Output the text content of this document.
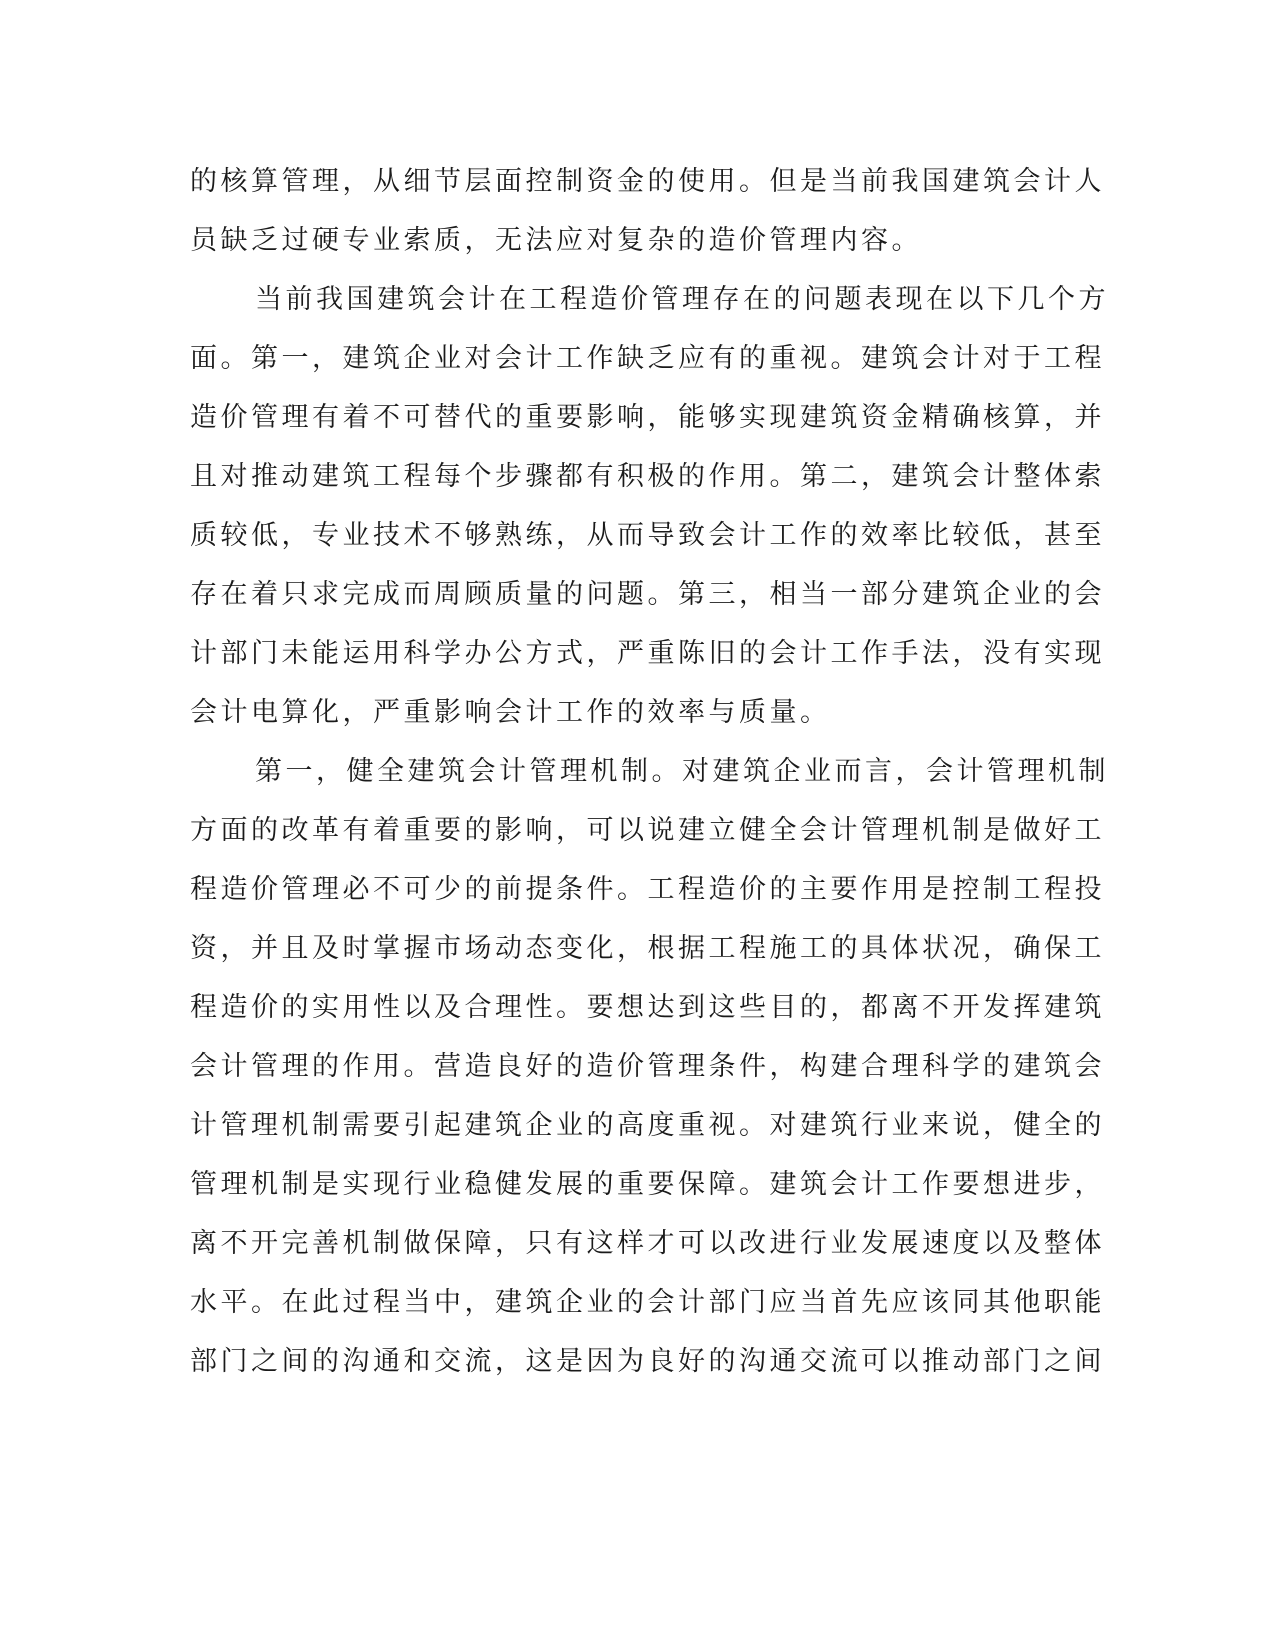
的核算管理，从细节层面控制资金的使用。但是当前我国建筑会计人
员缺乏过硬专业索质，无法应对复杂的造价管理内容。
当前我国建筑会计在工程造价管理存在的问题表现在以下几个方
面。第一，建筑企业对会计工作缺乏应有的重视。建筑会计对于工程
造价管理有着不可替代的重要影响，能够实现建筑资金精确核算，并
且对推动建筑工程每个步骤都有积极的作用。第二，建筑会计整体索
质较低，专业技术不够熟练，从而导致会计工作的效率比较低，甚至
存在着只求完成而周顾质量的问题。第三，相当一部分建筑企业的会
计部门未能运用科学办公方式，严重陈旧的会计工作手法，没有实现
会计电算化，严重影响会计工作的效率与质量。
第一，健全建筑会计管理机制。对建筑企业而言，会计管理机制
方面的改革有着重要的影响，可以说建立健全会计管理机制是做好工
程造价管理必不可少的前提条件。工程造价的主要作用是控制工程投
资，并且及时掌握市场动态变化，根据工程施工的具体状况，确保工
程造价的实用性以及合理性。要想达到这些目的，都离不开发挥建筑
会计管理的作用。营造良好的造价管理条件，构建合理科学的建筑会
计管理机制需要引起建筑企业的高度重视。对建筑行业来说，健全的
管理机制是实现行业稳健发展的重要保障。建筑会计工作要想进步，
离不开完善机制做保障，只有这样才可以改进行业发展速度以及整体
水平。在此过程当中，建筑企业的会计部门应当首先应该同其他职能
部门之间的沟通和交流，这是因为良好的沟通交流可以推动部门之间
